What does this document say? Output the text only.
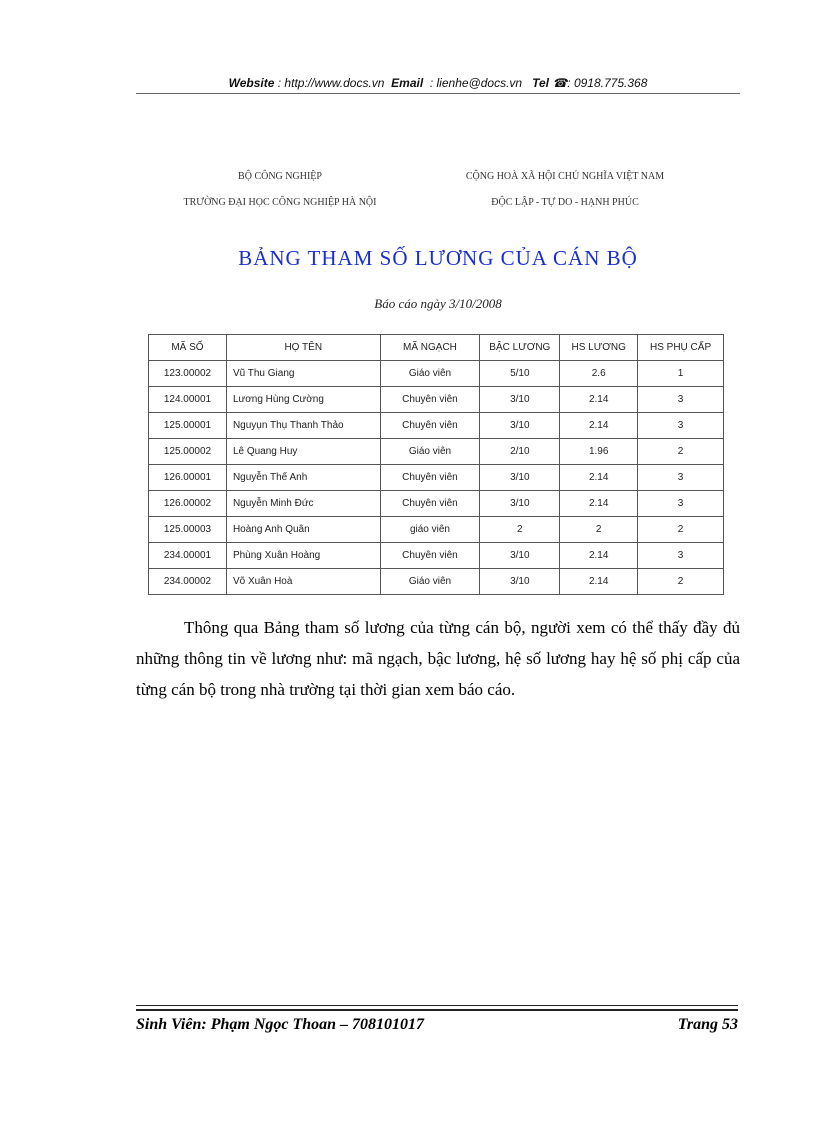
Website : http://www.docs.vn Email : lienhe@docs.vn Tel ☎: 0918.775.368
BỘ CÔNG NGHIỆP
TRƯỜNG ĐẠI HỌC CÔNG NGHIỆP HÀ NỘI
CỘNG HOÀ XÃ HỘI CHỦ NGHĨA VIỆT NAM
ĐỘC LẬP - TỰ DO - HẠNH PHÚC
BẢNG THAM SỐ LƯƠNG CỦA CÁN BỘ
Báo cáo ngày 3/10/2008
MÃ SỐ	HỌ TÊN	MÃ NGẠCH	BẬC LƯƠNG	HS LƯƠNG	HS PHỤ CẤP
123.00002	Vũ Thu Giang	Giáo viên	5/10	2.6	1
124.00001	Lương Hùng Cường	Chuyên viên	3/10	2.14	3
125.00001	Nguyụn Thụ Thanh Thảo	Chuyên viên	3/10	2.14	3
125.00002	Lê Quang Huy	Giáo viên	2/10	1.96	2
126.00001	Nguyễn Thế Anh	Chuyên viên	3/10	2.14	3
126.00002	Nguyễn Minh Đức	Chuyên viên	3/10	2.14	3
125.00003	Hoàng Anh Quân	giáo viên	2	2	2
234.00001	Phùng Xuân Hoàng	Chuyên viên	3/10	2.14	3
234.00002	Võ Xuân Hoà	Giáo viên	3/10	2.14	2
Thông qua Bảng tham số lương của từng cán bộ, người xem có thể thấy đầy đủ những thông tin về lương như: mã ngạch, bậc lương, hệ số lương hay hệ số phị cấp của từng cán bộ trong nhà trường tại thời gian xem báo cáo.
Sinh Viên: Phạm Ngọc Thoan – 708101017	Trang 53
